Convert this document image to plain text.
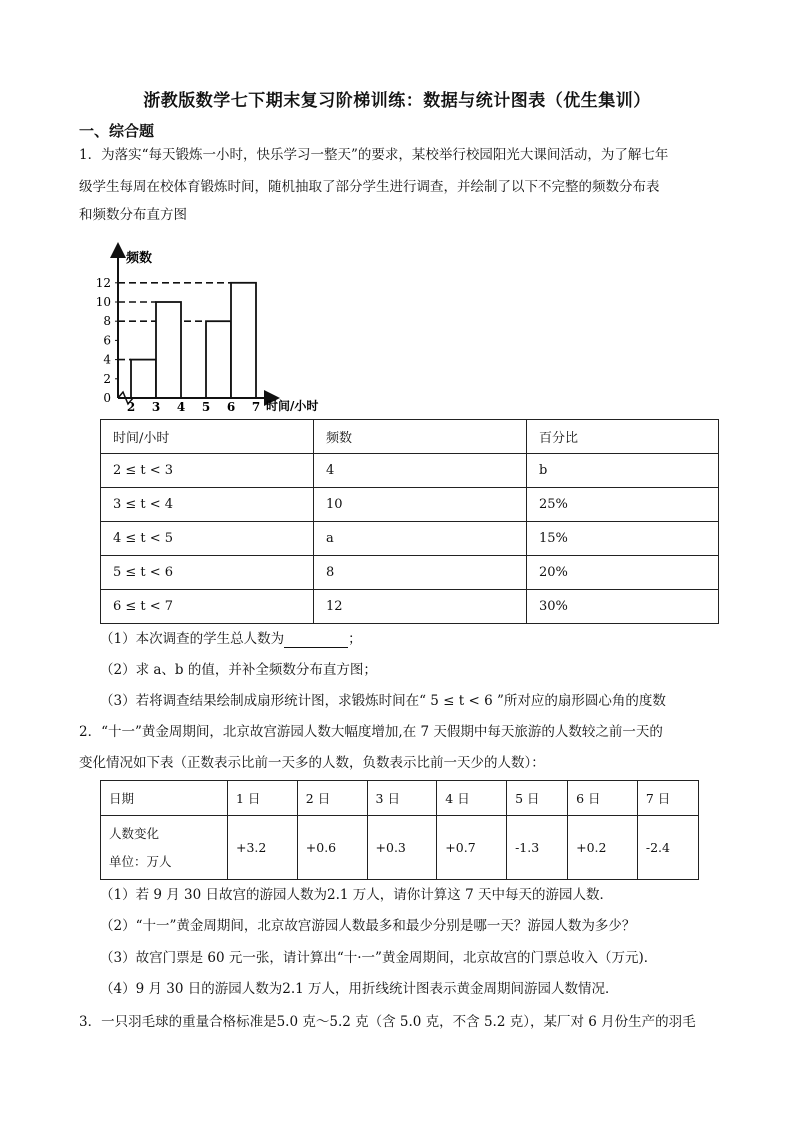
浙教版数学七下期末复习阶梯训练：数据与统计图表（优生集训）
一、综合题
1．为落实“每天锻炼一小时，快乐学习一整天”的要求，某校举行校园阳光大课间活动，为了解七年
级学生每周在校体育锻炼时间，随机抽取了部分学生进行调查，并绘制了以下不完整的频数分布表
和频数分布直方图
频数
时间/小时
0
2
4
6
8
10
12
2 3 4 5 6 7
时间/小时	频数	百分比
2 ≤ t < 3	4	b
3 ≤ t < 4	10	25%
4 ≤ t < 5	a	15%
5 ≤ t < 6	8	20%
6 ≤ t < 7	12	30%
（1）本次调查的学生总人数为	；
（2）求 a、b 的值，并补全频数分布直方图；
（3）若将调查结果绘制成扇形统计图，求锻炼时间在“ 5 ≤ t < 6 ”所对应的扇形圆心角的度数
2．“十一”黄金周期间，北京故宫游园人数大幅度增加,在 7 天假期中每天旅游的人数较之前一天的
变化情况如下表（正数表示比前一天多的人数，负数表示比前一天少的人数）：
日期	1 日	2 日	3 日	4 日	5 日	6 日	7 日

人数变化
单位：万人	+3.2	+0.6	+0.3	+0.7	-1.3	+0.2	-2.4
（1）若 9 月 30 日故宫的游园人数为2.1 万人，请你计算这 7 天中每天的游园人数．
（2）“十一”黄金周期间，北京故宫游园人数最多和最少分别是哪一天？游园人数为多少？
（3）故宫门票是 60 元一张，请计算出“十·一”黄金周期间，北京故宫的门票总收入（万元)．
（4）9 月 30 日的游园人数为2.1 万人，用折线统计图表示黄金周期间游园人数情况．
3．一只羽毛球的重量合格标准是5.0 克～5.2 克（含 5.0 克，不含 5.2 克），某厂对 6 月份生产的羽毛
